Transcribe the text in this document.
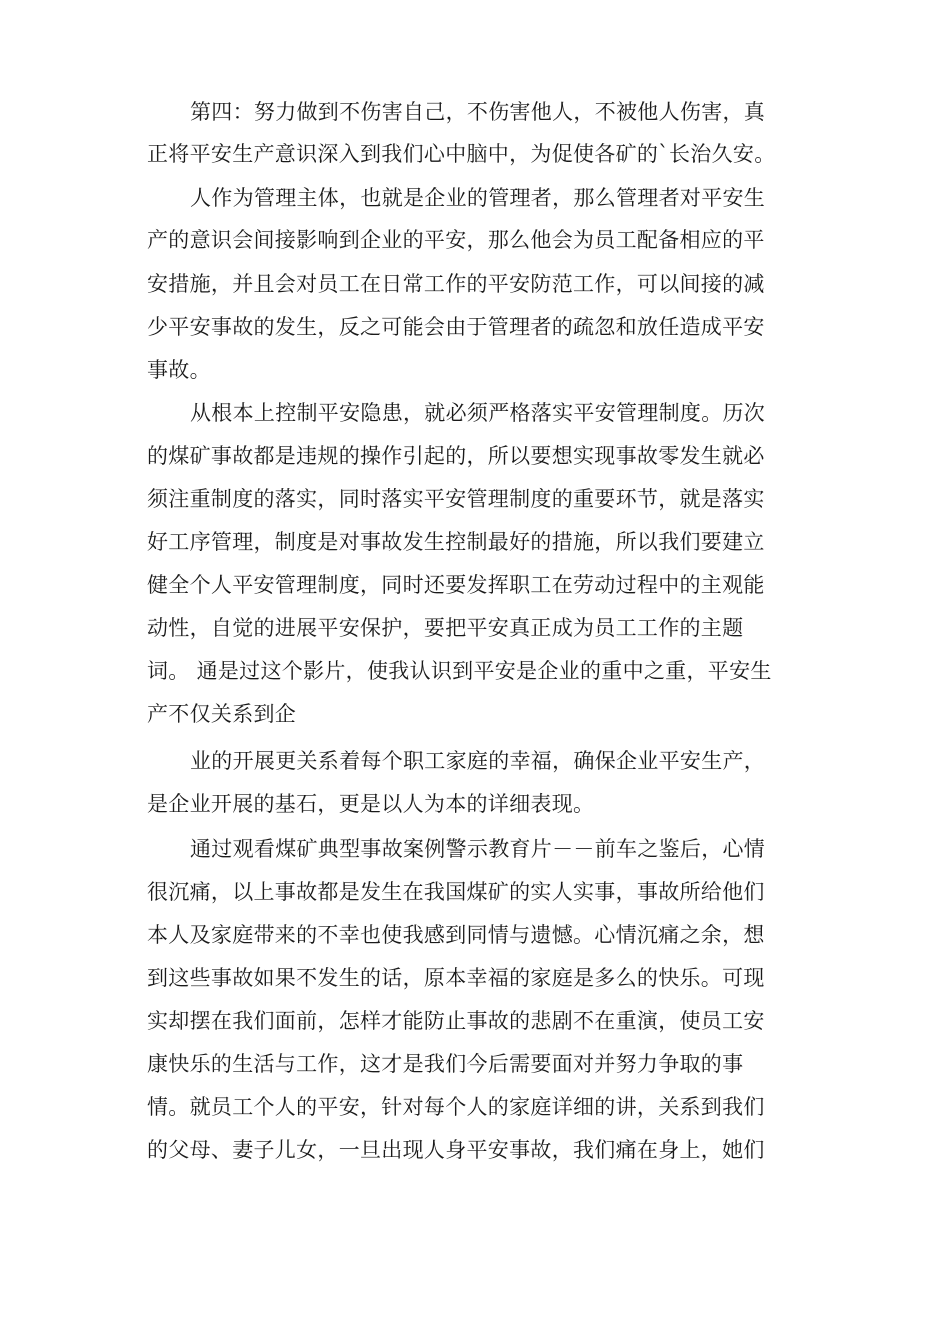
第四：努力做到不伤害自己，不伤害他人，不被他人伤害，真
正将平安生产意识深入到我们心中脑中，为促使各矿的`长治久安。
人作为管理主体，也就是企业的管理者，那么管理者对平安生
产的意识会间接影响到企业的平安，那么他会为员工配备相应的平
安措施，并且会对员工在日常工作的平安防范工作，可以间接的减
少平安事故的发生，反之可能会由于管理者的疏忽和放任造成平安
事故。
从根本上控制平安隐患，就必须严格落实平安管理制度。历次
的煤矿事故都是违规的操作引起的，所以要想实现事故零发生就必
须注重制度的落实，同时落实平安管理制度的重要环节，就是落实
好工序管理，制度是对事故发生控制最好的措施，所以我们要建立
健全个人平安管理制度，同时还要发挥职工在劳动过程中的主观能
动性，自觉的进展平安保护，要把平安真正成为员工工作的主题
词。 通是过这个影片，使我认识到平安是企业的重中之重，平安生
产不仅关系到企
业的开展更关系着每个职工家庭的幸福，确保企业平安生产，
是企业开展的基石，更是以人为本的详细表现。
通过观看煤矿典型事故案例警示教育片－－前车之鉴后，心情
很沉痛，以上事故都是发生在我国煤矿的实人实事，事故所给他们
本人及家庭带来的不幸也使我感到同情与遗憾。心情沉痛之余，想
到这些事故如果不发生的话，原本幸福的家庭是多么的快乐。可现
实却摆在我们面前，怎样才能防止事故的悲剧不在重演，使员工安
康快乐的生活与工作，这才是我们今后需要面对并努力争取的事
情。就员工个人的平安，针对每个人的家庭详细的讲，关系到我们
的父母、妻子儿女，一旦出现人身平安事故，我们痛在身上，她们
